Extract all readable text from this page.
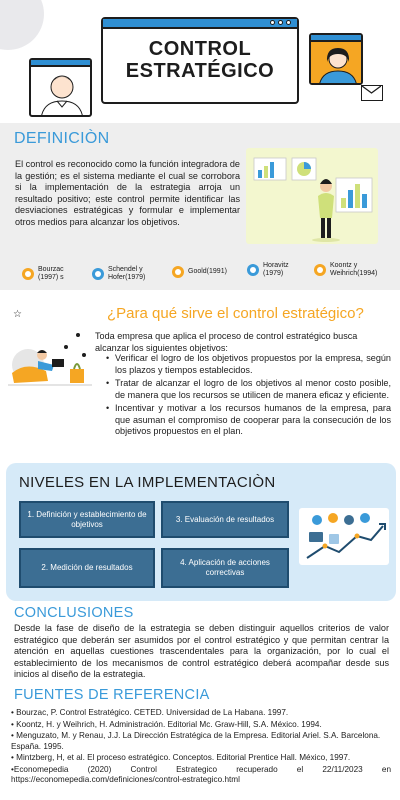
CONTROL
ESTRATÉGICO
DEFINICIÒN
El control es reconocido como la función integradora de la gestión; es el sistema mediante el cual se corrobora si la implementación de la estrategia arroja un resultado positivo; este control permite identificar las desviaciones estratégicas y formular e implementar otros medios para alcanzar los objetivos.
Bourzac (1997) s
Schendel y Hofer(1979)
Goold(1991)
Horavitz (1979)
Koontz y Weihrich(1994)
☆	¿Para qué sirve el control estratégico?
Toda empresa que aplica el proceso de control estratégico busca alcanzar los siguientes objetivos:
• Verificar el logro de los objetivos propuestos por la empresa, según los plazos y tiempos establecidos.
• Tratar de alcanzar el logro de los objetivos al menor costo posible, de manera que los recursos se utilicen de manera eficaz y eficiente.
• Incentivar y motivar a los recursos humanos de la empresa, para que asuman el compromiso de cooperar para la consecución de los objetivos propuestos en el plan.
NIVELES EN LA IMPLEMENTACIÒN
1. Definición y establecimiento de objetivos
3. Evaluación de resultados
2. Medición de resultados
4. Aplicación de acciones correctivas
CONCLUSIONES
Desde la fase de diseño de la estrategia se deben distinguir aquellos criterios de valor estratégico que deberán ser asumidos por el control estratégico y que permitan centrar la atención en aquellas cuestiones trascendentales para la organización, por lo cual el establecimiento de los mecanismos de control estratégico deberá acompañar desde sus inicios al diseño de la estrategia.
FUENTES DE REFERENCIA
• Bourzac, P. Control Estratégico. CETED. Universidad de La Habana. 1997.
• Koontz, H. y Weihrich, H. Administración. Editorial Mc. Graw-Hill, S.A. México. 1994.
• Menguzato, M. y Renau, J.J. La Dirección Estratégica de la Empresa. Editorial Ariel. S.A. Barcelona. España. 1995.
• Mintzberg, H, et al. El proceso estratégico. Conceptos. Editorial Prentice Hall. México, 1997.
•Economepedia (2020) Control Estrategico recuperado el 22/11/2023 en https://economepedia.com/definiciones/control-estrategico.html
